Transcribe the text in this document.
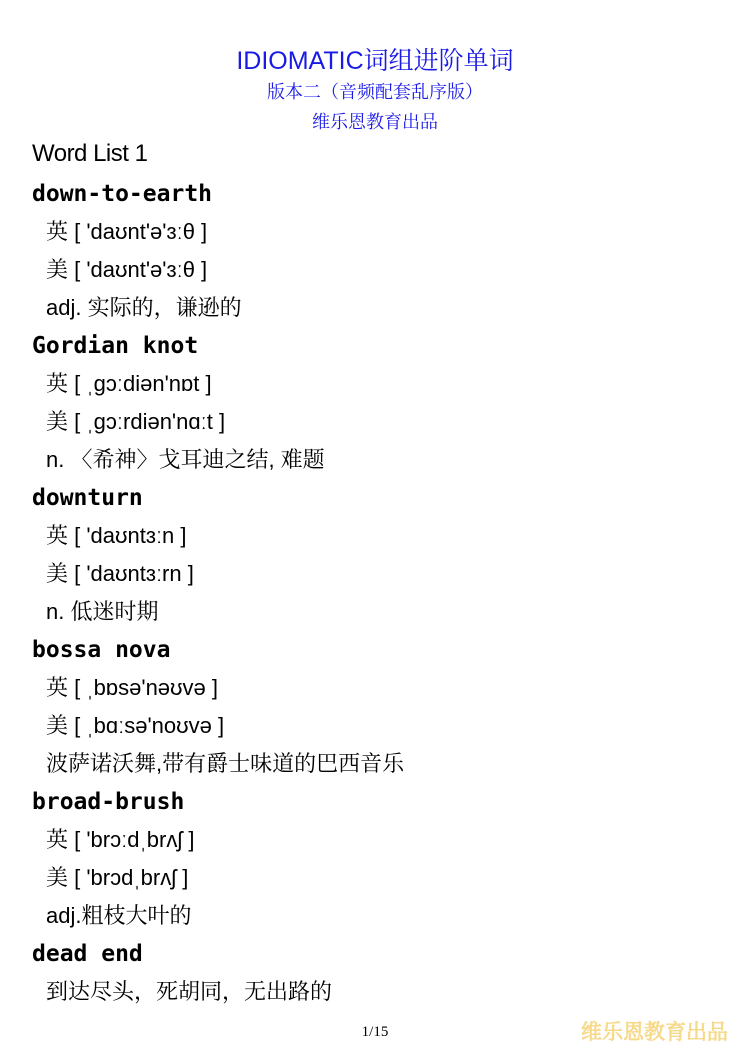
IDIOMATIC词组进阶单词
版本二（音频配套乱序版）
维乐恩教育出品
Word List 1
down-to-earth
英 [ 'daʊnt'ə'ɜːθ ]
美 [ 'daʊnt'ə'ɜːθ ]
adj. 实际的，谦逊的
Gordian knot
英 [ ˌgɔːdiən'nɒt ]
美 [ ˌgɔːrdiən'nɑːt ]
n. 〈希神〉戈耳迪之结, 难题
downturn
英 [ 'daʊntɜːn ]
美 [ 'daʊntɜːrn ]
n. 低迷时期
bossa nova
英 [ ˌbɒsə'nəʊvə ]
美 [ ˌbɑːsə'noʊvə ]
波萨诺沃舞,带有爵士味道的巴西音乐
broad-brush
英 [ 'brɔːdˌbrʌʃ ]
美 [ 'brɔdˌbrʌʃ ]
adj.粗枝大叶的
dead end
到达尽头，死胡同，无出路的
1/15	维乐恩教育出品
